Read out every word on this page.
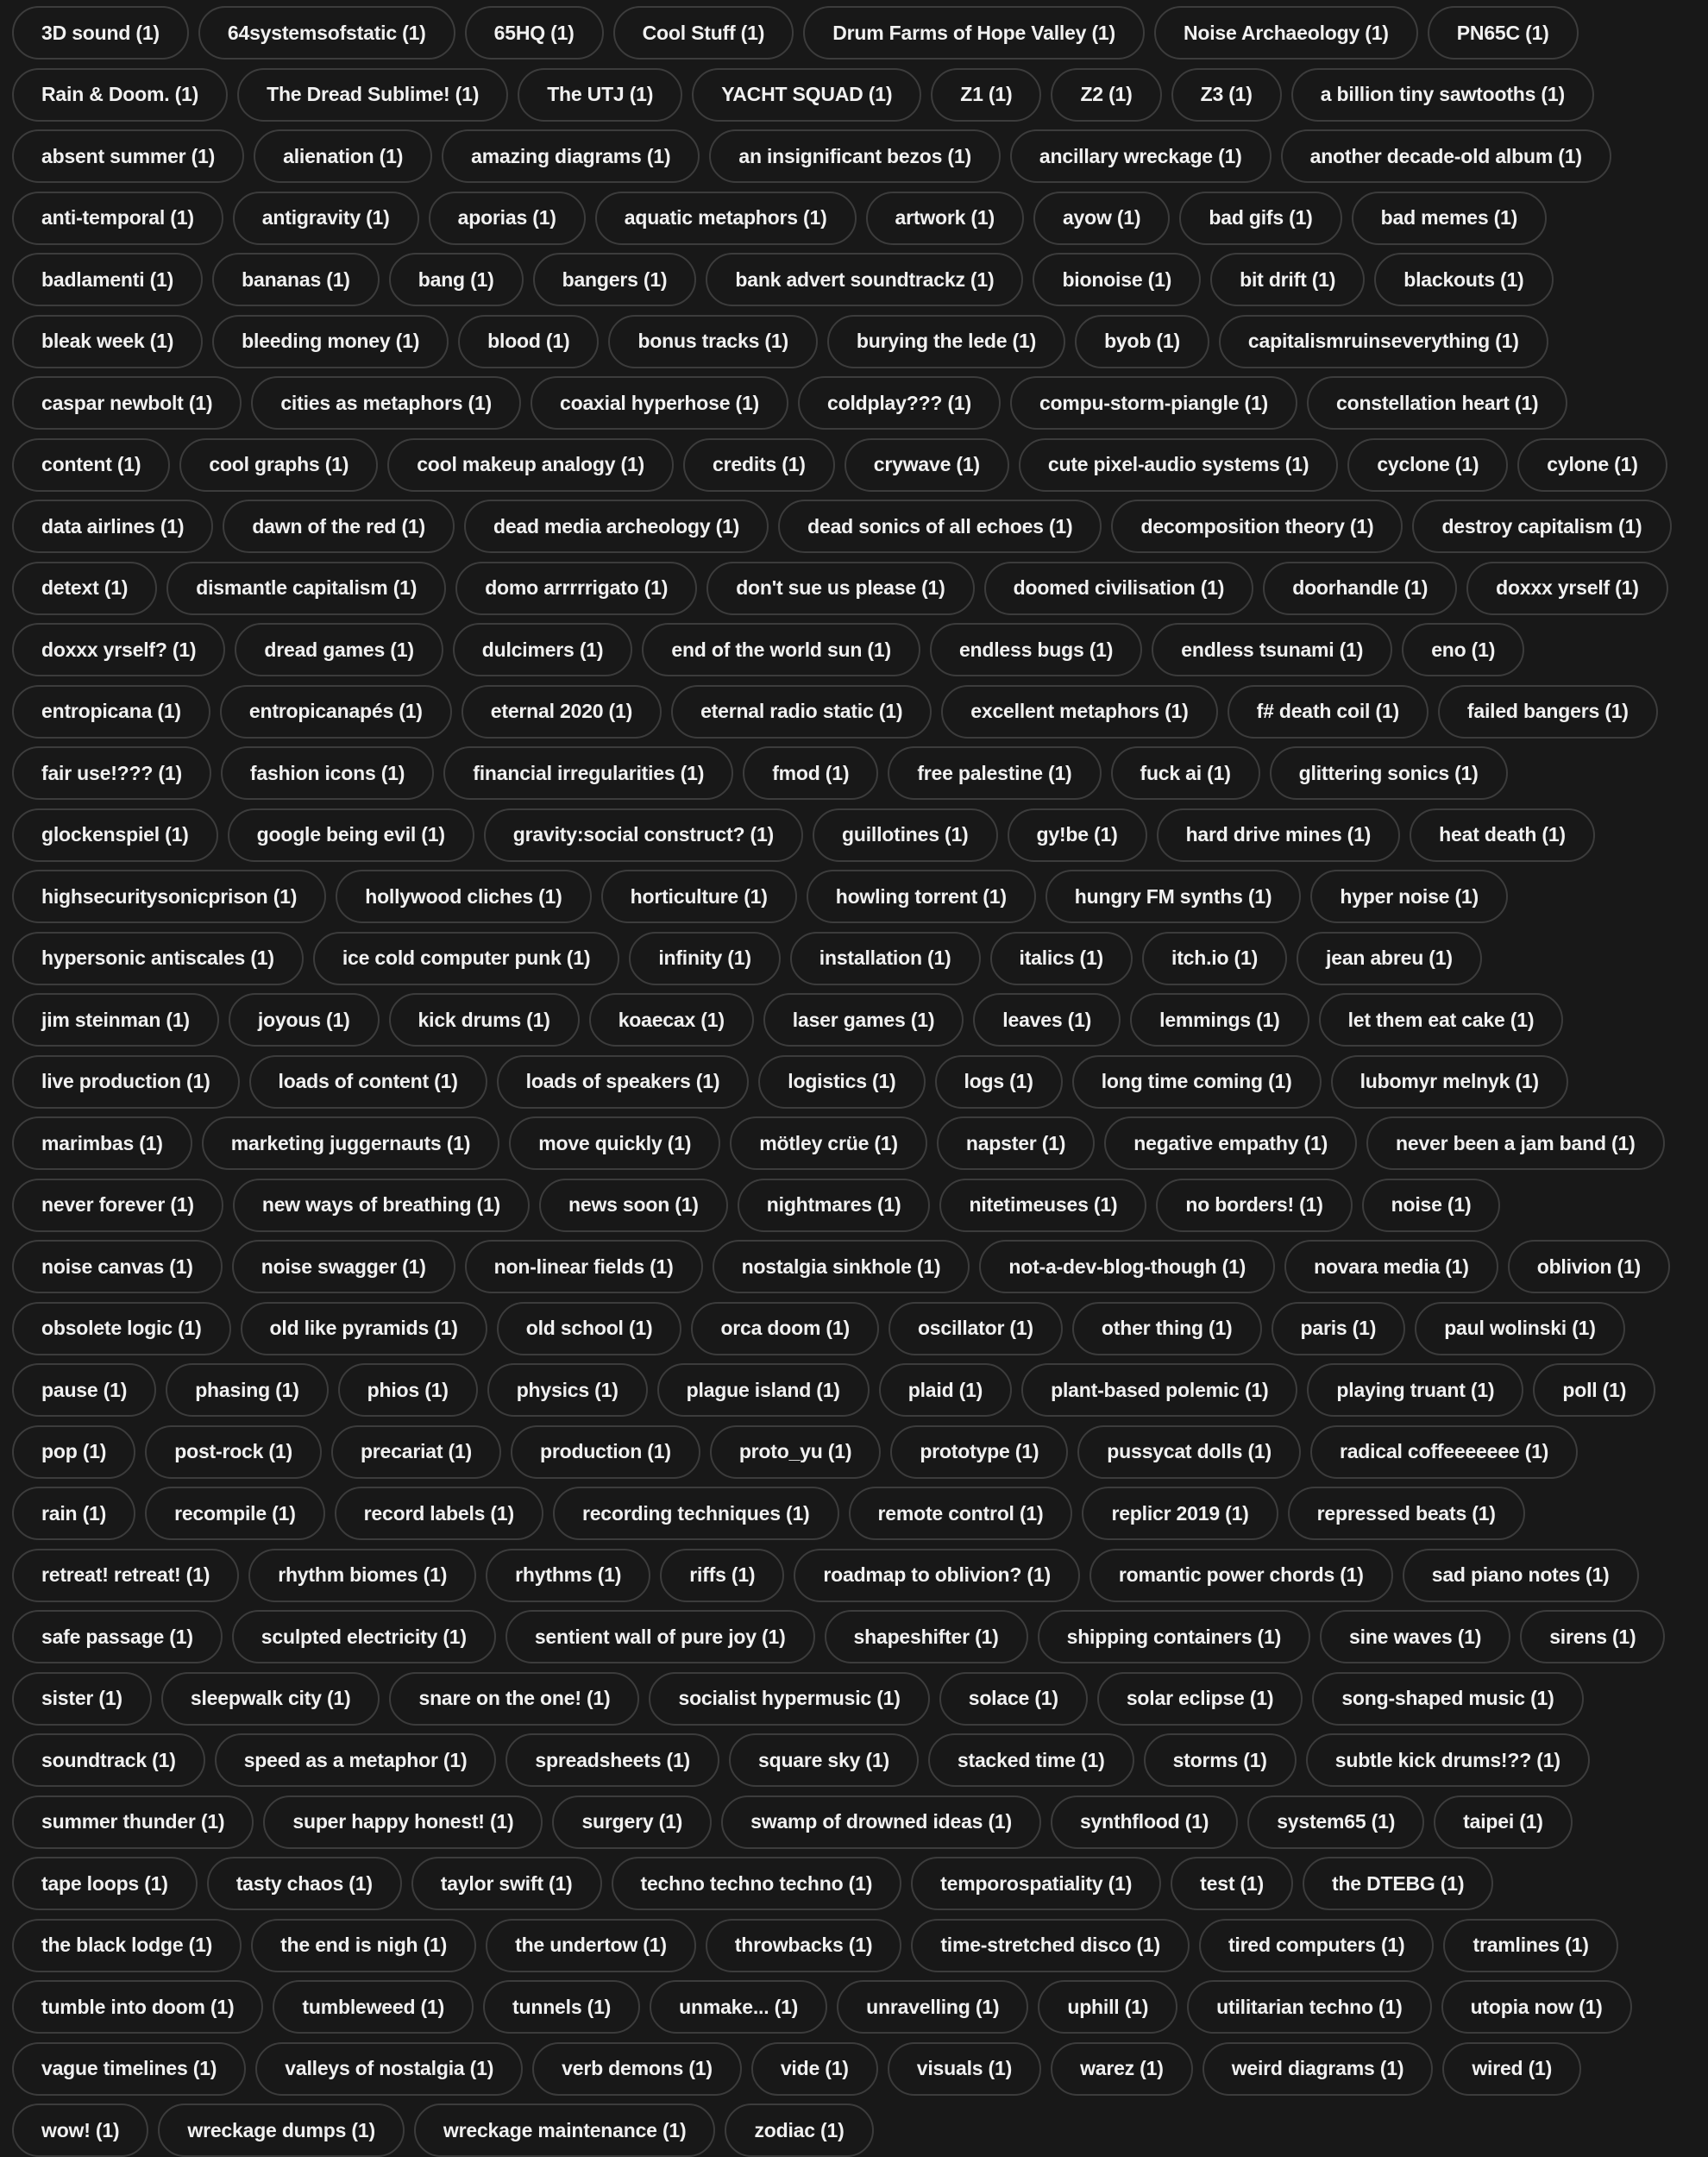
3D sound (1)	64systemsofstatic (1)	65HQ (1)	Cool Stuff (1)	Drum Farms of Hope Valley (1)	Noise Archaeology (1)	PN65C (1)
Rain & Doom. (1)	The Dread Sublime! (1)	The UTJ (1)	YACHT SQUAD (1)	Z1 (1)	Z2 (1)	Z3 (1)	a billion tiny sawtooths (1)
absent summer (1)	alienation (1)	amazing diagrams (1)	an insignificant bezos (1)	ancillary wreckage (1)	another decade-old album (1)
anti-temporal (1)	antigravity (1)	aporias (1)	aquatic metaphors (1)	artwork (1)	ayow (1)	bad gifs (1)	bad memes (1)
badlamenti (1)	bananas (1)	bang (1)	bangers (1)	bank advert soundtrackz (1)	bionoise (1)	bit drift (1)	blackouts (1)
bleak week (1)	bleeding money (1)	blood (1)	bonus tracks (1)	burying the lede (1)	byob (1)	capitalismruinseverything (1)
caspar newbolt (1)	cities as metaphors (1)	coaxial hyperhose (1)	coldplay??? (1)	compu-storm-piangle (1)	constellation heart (1)
content (1)	cool graphs (1)	cool makeup analogy (1)	credits (1)	crywave (1)	cute pixel-audio systems (1)	cyclone (1)	cylone (1)
data airlines (1)	dawn of the red (1)	dead media archeology (1)	dead sonics of all echoes (1)	decomposition theory (1)	destroy capitalism (1)
detext (1)	dismantle capitalism (1)	domo arrrrrigato (1)	don't sue us please (1)	doomed civilisation (1)	doorhandle (1)	doxxx yrself (1)
doxxx yrself? (1)	dread games (1)	dulcimers (1)	end of the world sun (1)	endless bugs (1)	endless tsunami (1)	eno (1)
entropicana (1)	entropicanapés (1)	eternal 2020 (1)	eternal radio static (1)	excellent metaphors (1)	f# death coil (1)	failed bangers (1)
fair use!??? (1)	fashion icons (1)	financial irregularities (1)	fmod (1)	free palestine (1)	fuck ai (1)	glittering sonics (1)
glockenspiel (1)	google being evil (1)	gravity:social construct? (1)	guillotines (1)	gy!be (1)	hard drive mines (1)	heat death (1)
highsecuritysonicprison (1)	hollywood cliches (1)	horticulture (1)	howling torrent (1)	hungry FM synths (1)	hyper noise (1)
hypersonic antiscales (1)	ice cold computer punk (1)	infinity (1)	installation (1)	italics (1)	itch.io (1)	jean abreu (1)
jim steinman (1)	joyous (1)	kick drums (1)	koaecax (1)	laser games (1)	leaves (1)	lemmings (1)	let them eat cake (1)
live production (1)	loads of content (1)	loads of speakers (1)	logistics (1)	logs (1)	long time coming (1)	lubomyr melnyk (1)
marimbas (1)	marketing juggernauts (1)	move quickly (1)	mötley crüe (1)	napster (1)	negative empathy (1)	never been a jam band (1)
never forever (1)	new ways of breathing (1)	news soon (1)	nightmares (1)	nitetimeuses (1)	no borders! (1)	noise (1)
noise canvas (1)	noise swagger (1)	non-linear fields (1)	nostalgia sinkhole (1)	not-a-dev-blog-though (1)	novara media (1)	oblivion (1)
obsolete logic (1)	old like pyramids (1)	old school (1)	orca doom (1)	oscillator (1)	other thing (1)	paris (1)	paul wolinski (1)
pause (1)	phasing (1)	phios (1)	physics (1)	plague island (1)	plaid (1)	plant-based polemic (1)	playing truant (1)	poll (1)
pop (1)	post-rock (1)	precariat (1)	production (1)	proto_yu (1)	prototype (1)	pussycat dolls (1)	radical coffeeeeeee (1)
rain (1)	recompile (1)	record labels (1)	recording techniques (1)	remote control (1)	replicr 2019 (1)	repressed beats (1)
retreat! retreat! (1)	rhythm biomes (1)	rhythms (1)	riffs (1)	roadmap to oblivion? (1)	romantic power chords (1)	sad piano notes (1)
safe passage (1)	sculpted electricity (1)	sentient wall of pure joy (1)	shapeshifter (1)	shipping containers (1)	sine waves (1)	sirens (1)
sister (1)	sleepwalk city (1)	snare on the one! (1)	socialist hypermusic (1)	solace (1)	solar eclipse (1)	song-shaped music (1)
soundtrack (1)	speed as a metaphor (1)	spreadsheets (1)	square sky (1)	stacked time (1)	storms (1)	subtle kick drums!?? (1)
summer thunder (1)	super happy honest! (1)	surgery (1)	swamp of drowned ideas (1)	synthflood (1)	system65 (1)	taipei (1)
tape loops (1)	tasty chaos (1)	taylor swift (1)	techno techno techno (1)	temporospatiality (1)	test (1)	the DTEBG (1)
the black lodge (1)	the end is nigh (1)	the undertow (1)	throwbacks (1)	time-stretched disco (1)	tired computers (1)	tramlines (1)
tumble into doom (1)	tumbleweed (1)	tunnels (1)	unmake... (1)	unravelling (1)	uphill (1)	utilitarian techno (1)	utopia now (1)
vague timelines (1)	valleys of nostalgia (1)	verb demons (1)	vide (1)	visuals (1)	warez (1)	weird diagrams (1)	wired (1)
wow! (1)	wreckage dumps (1)	wreckage maintenance (1)	zodiac (1)
